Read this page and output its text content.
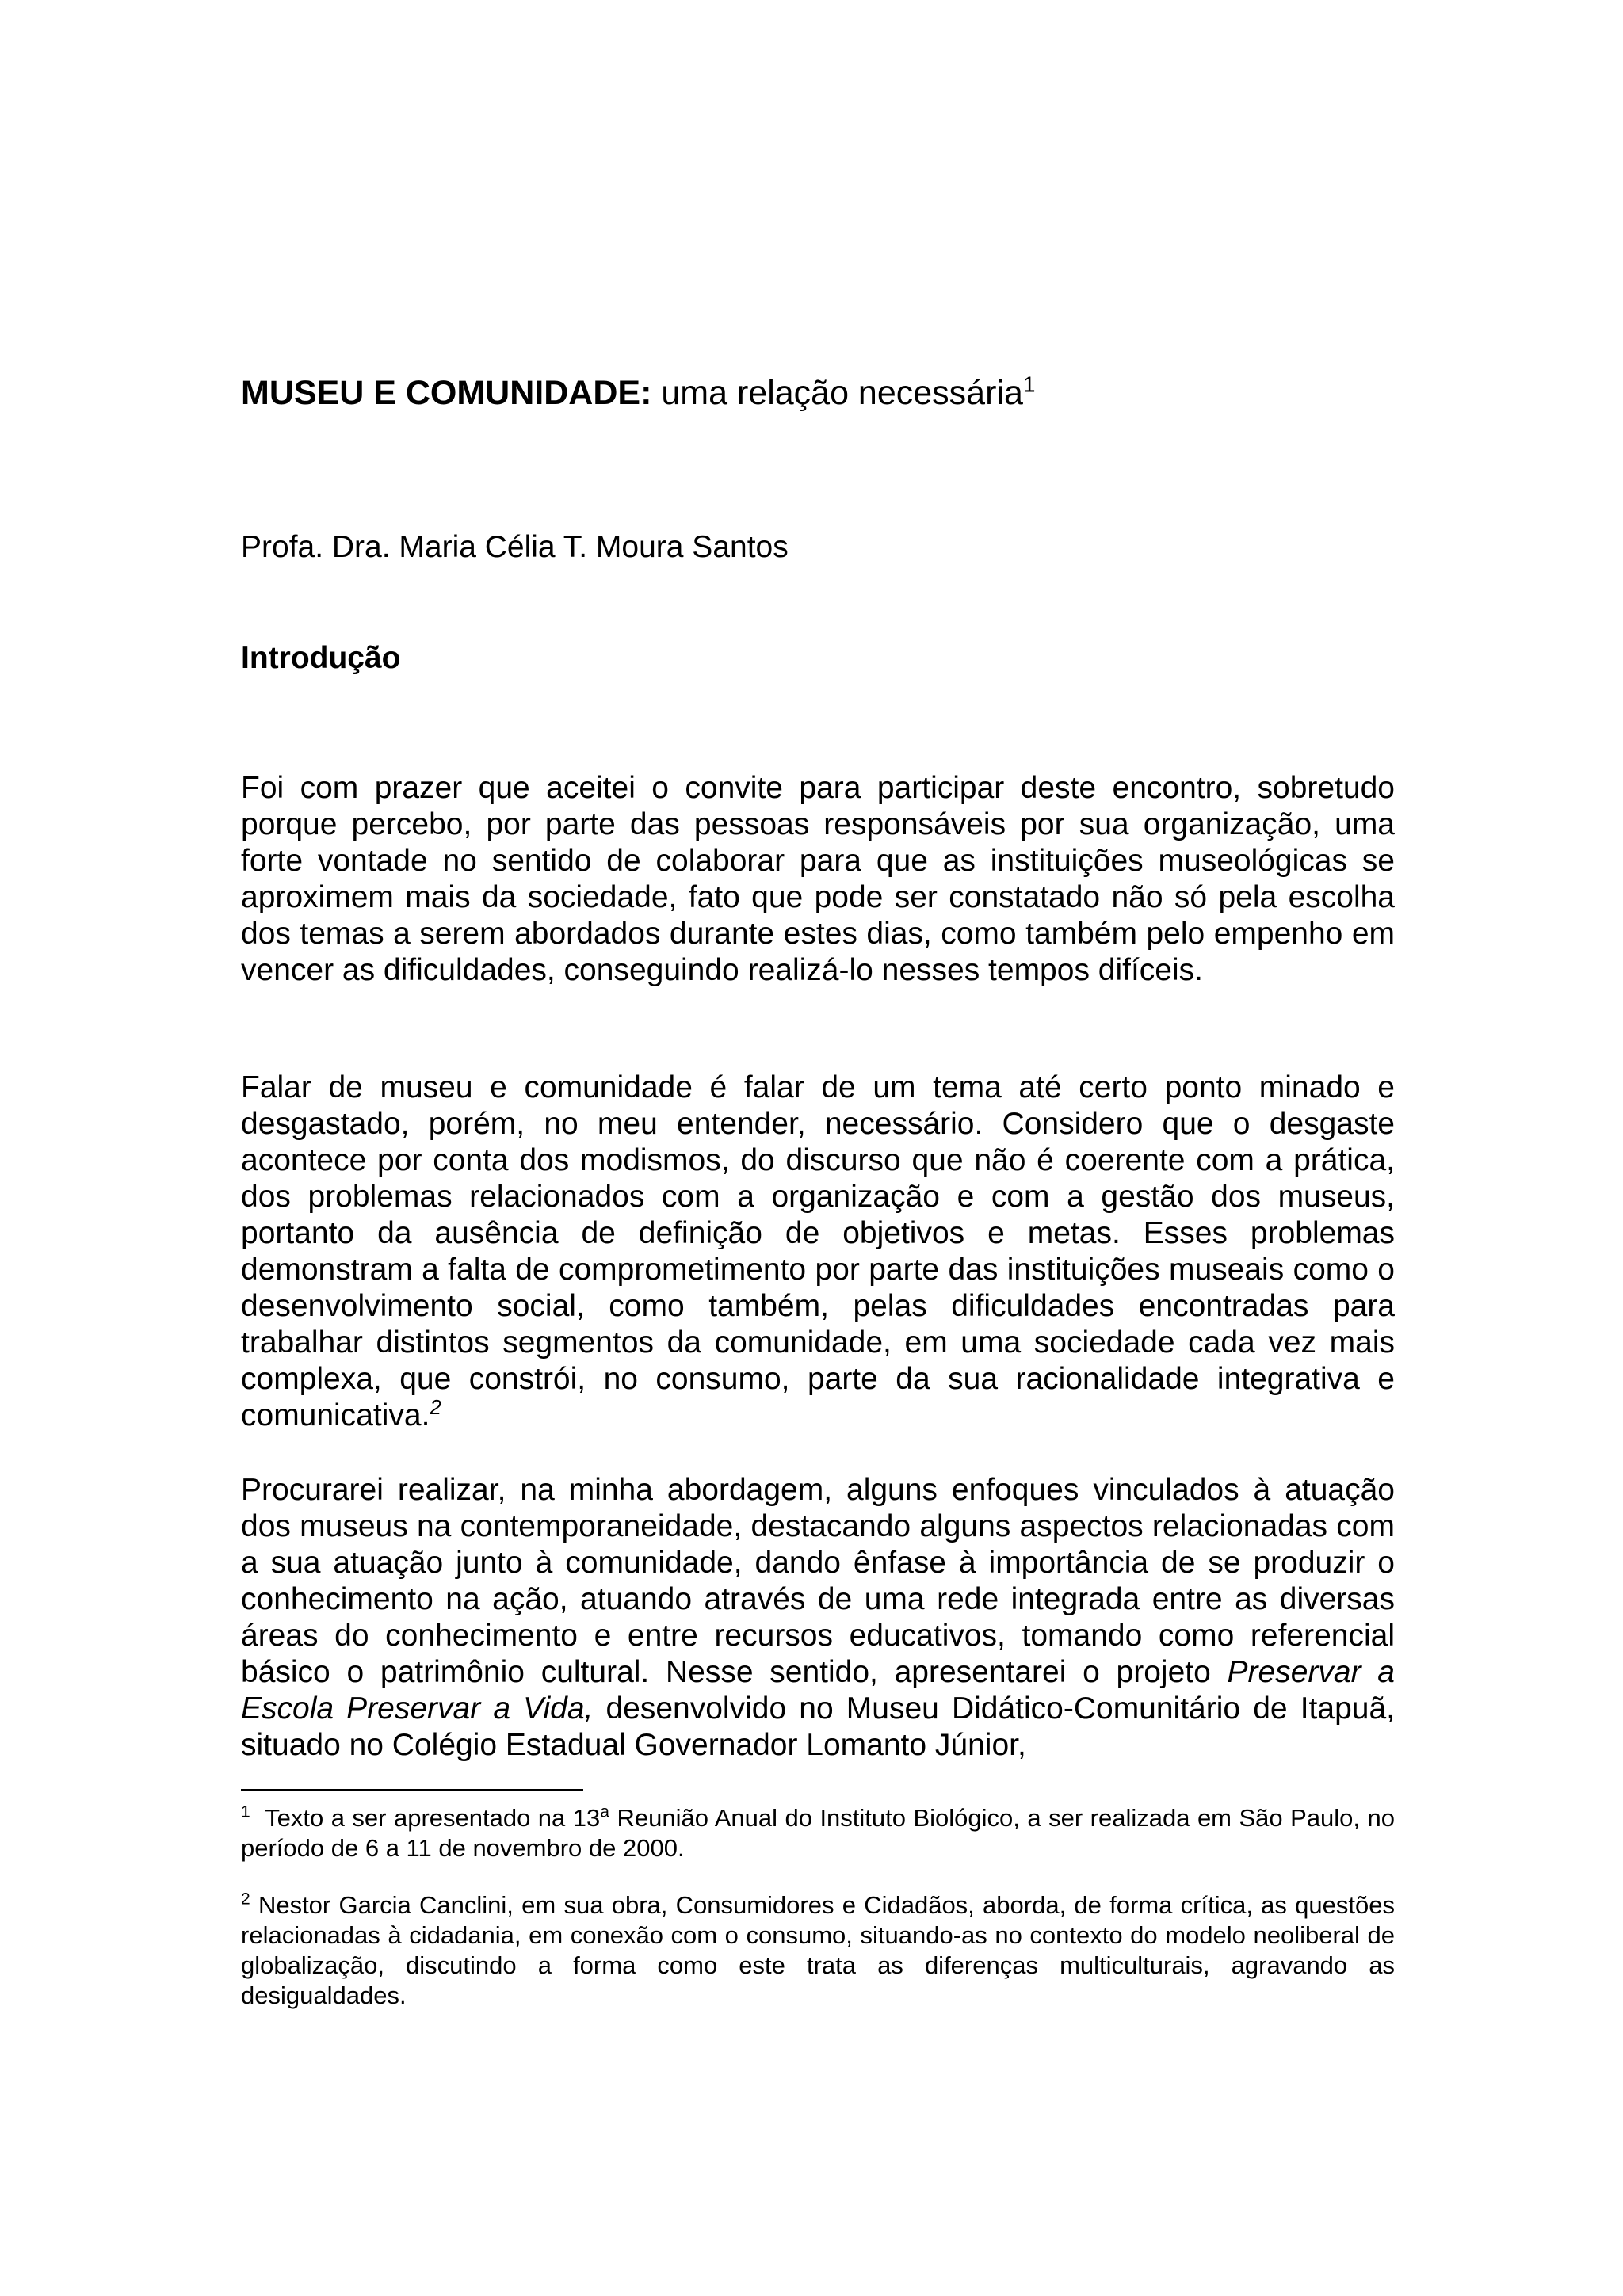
MUSEU E COMUNIDADE: uma relação necessária$^1$
Profa. Dra. Maria Célia T. Moura Santos
Introdução
Foi com prazer que aceitei o convite para participar deste encontro, sobretudo porque percebo, por parte das pessoas responsáveis por sua organização, uma forte vontade no sentido de colaborar para que as instituições museológicas se aproximem mais da sociedade, fato que pode ser constatado não só pela escolha dos temas a serem abordados durante estes dias, como também pelo empenho em vencer as dificuldades, conseguindo realizá-lo nesses tempos difíceis.
Falar de museu e comunidade é falar de um tema até certo ponto minado e desgastado, porém, no meu entender, necessário. Considero que o desgaste acontece por conta dos modismos, do discurso que não é coerente com a prática, dos problemas relacionados com a organização e com a gestão dos museus, portanto da ausência de definição de objetivos e metas. Esses problemas demonstram a falta de comprometimento por parte das instituições museais como o desenvolvimento social, como também, pelas dificuldades encontradas para trabalhar distintos segmentos da comunidade, em uma sociedade cada vez mais complexa, que constrói, no consumo, parte da sua racionalidade integrativa e comunicativa.$^2$
Procurarei realizar, na minha abordagem, alguns enfoques vinculados à atuação dos museus na contemporaneidade, destacando alguns aspectos relacionadas com a sua atuação junto à comunidade, dando ênfase à importância de se produzir o conhecimento na ação, atuando através de uma rede integrada entre as diversas áreas do conhecimento e entre recursos educativos, tomando como referencial básico o patrimônio cultural. Nesse sentido, apresentarei o projeto Preservar a Escola Preservar a Vida, desenvolvido no Museu Didático-Comunitário de Itapuã, situado no Colégio Estadual Governador Lomanto Júnior,
$^1$ Texto a ser apresentado na 13$^a$ Reunião Anual do Instituto Biológico, a ser realizada em São Paulo, no período de 6 a 11 de novembro de 2000.
$^2$ Nestor Garcia Canclini, em sua obra, Consumidores e Cidadãos, aborda, de forma crítica, as questões relacionadas à cidadania, em conexão com o consumo, situando-as no contexto do modelo neoliberal de globalização, discutindo a forma como este trata as diferenças multiculturais, agravando as desigualdades.
